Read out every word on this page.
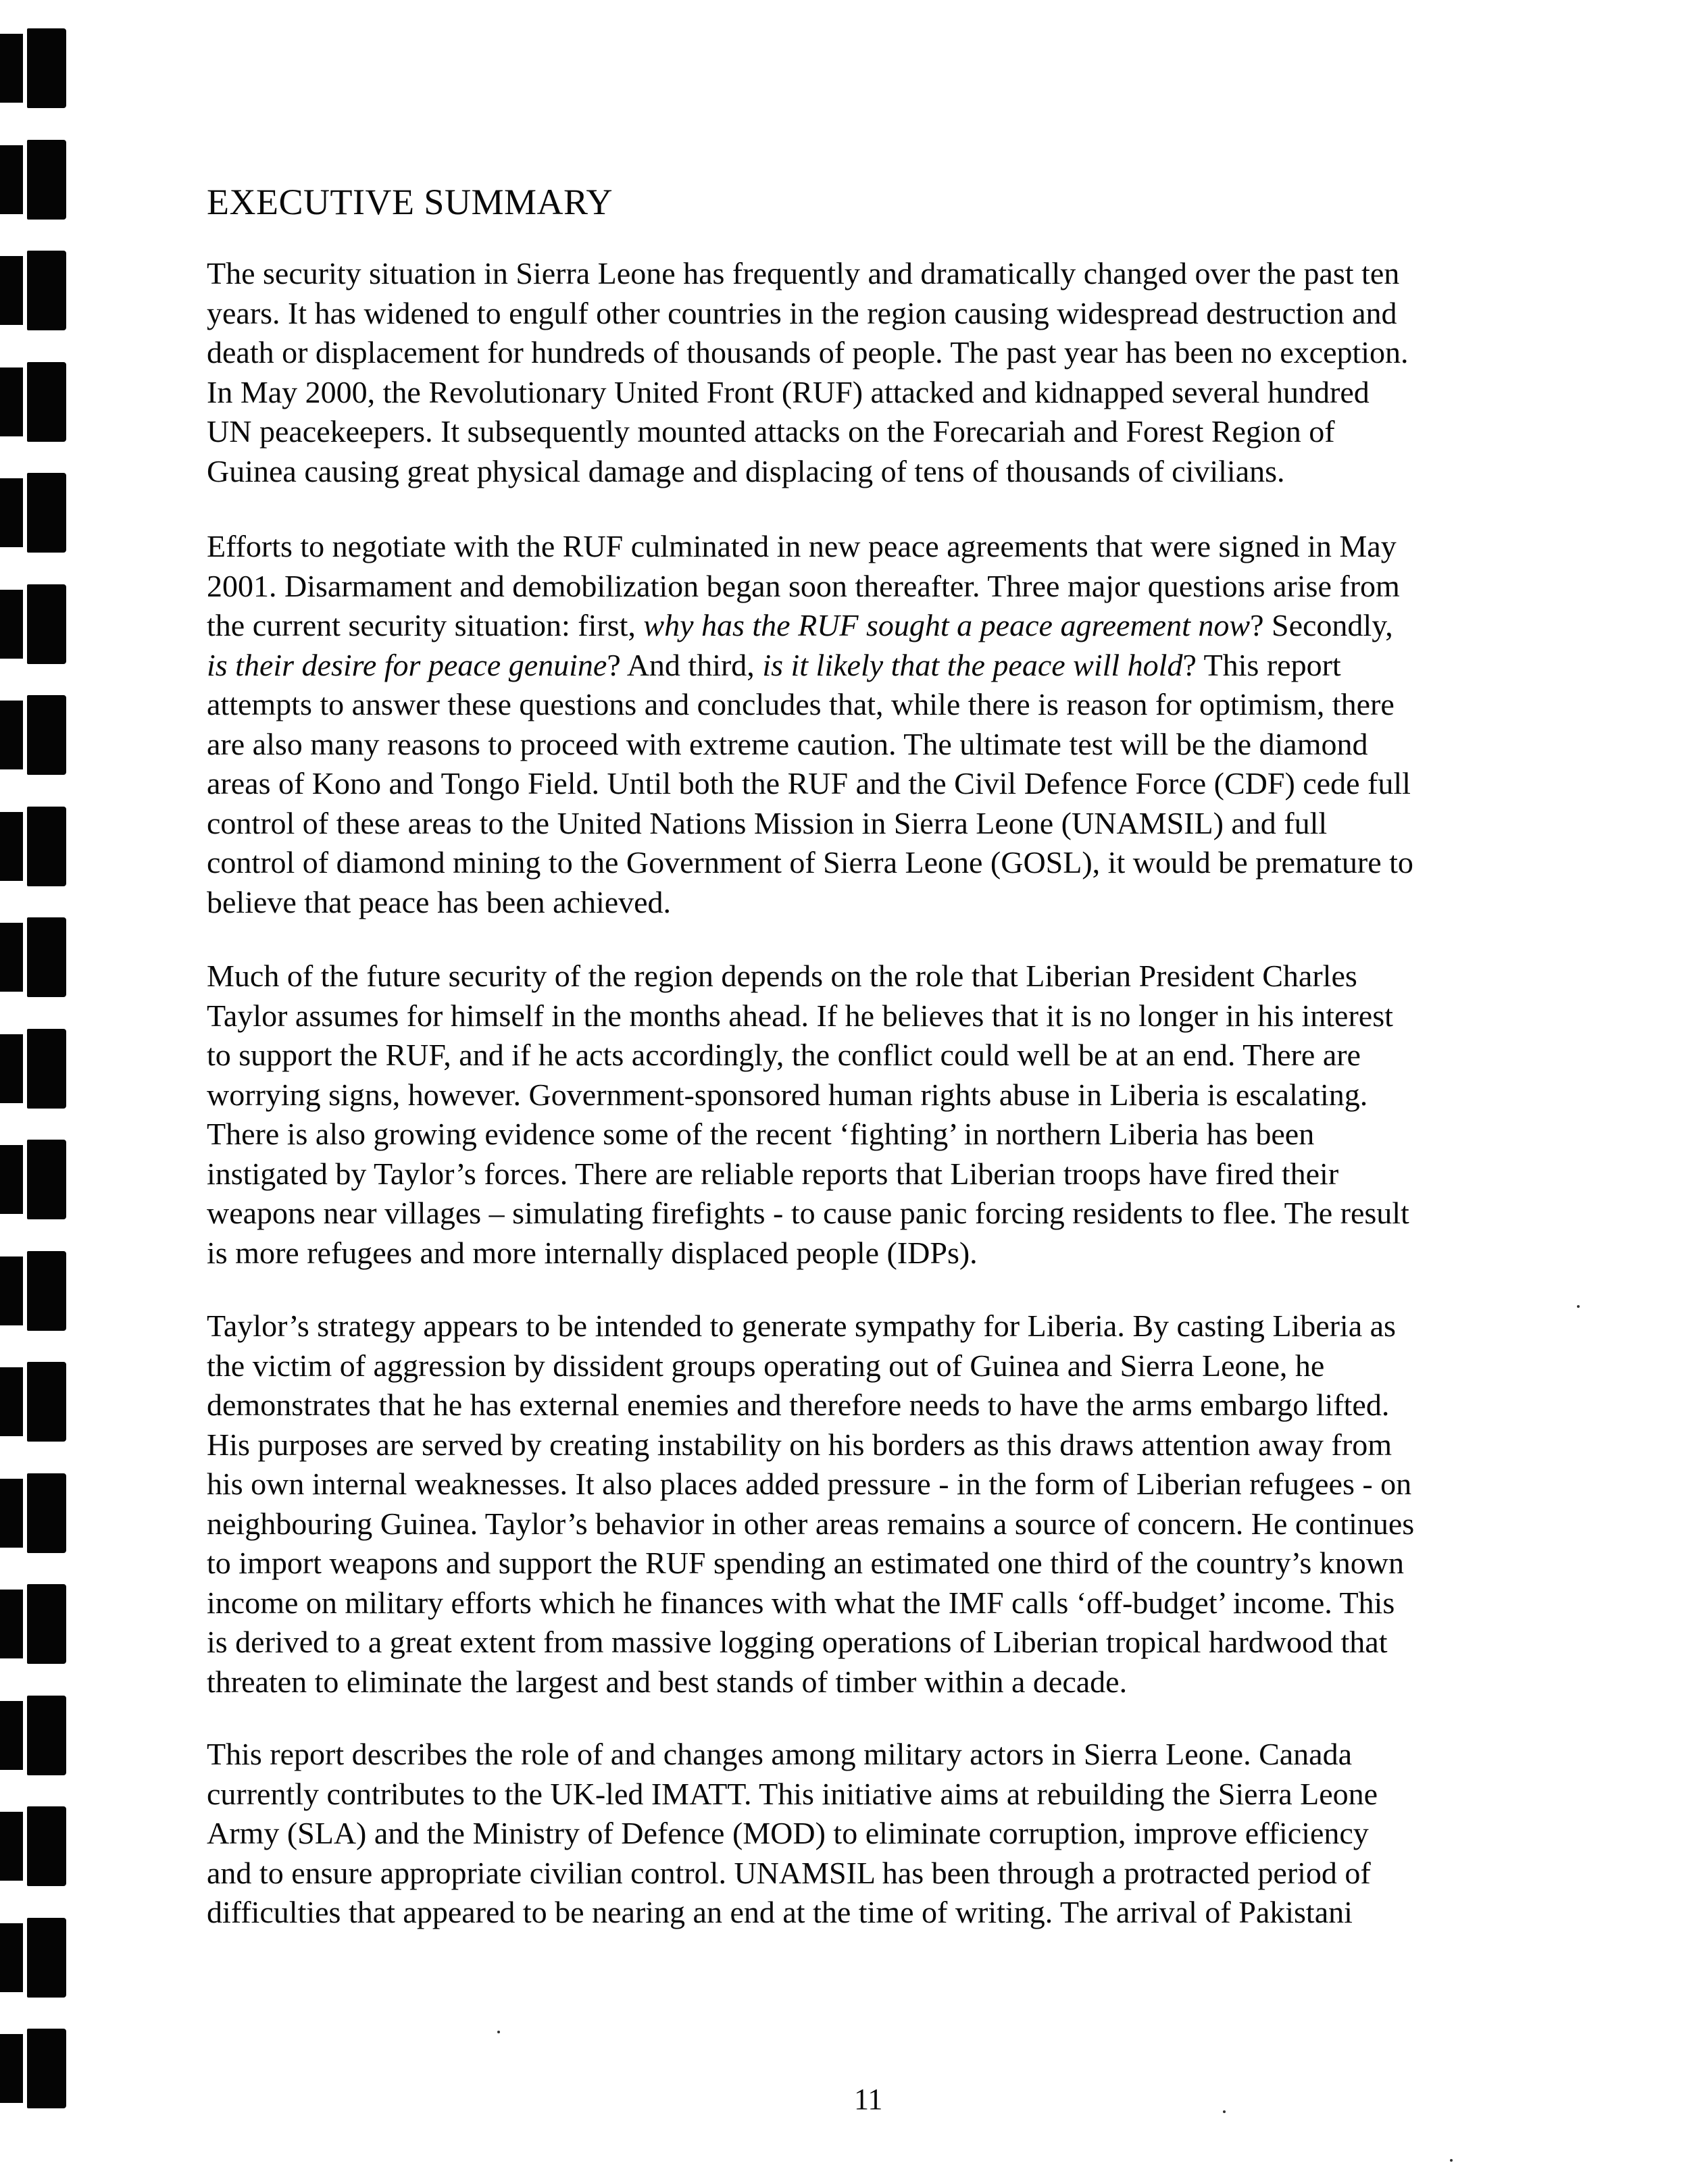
EXECUTIVE SUMMARY
The security situation in Sierra Leone has frequently and dramatically changed over the past ten
years. It has widened to engulf other countries in the region causing widespread destruction and
death or displacement for hundreds of thousands of people. The past year has been no exception.
In May 2000, the Revolutionary United Front (RUF) attacked and kidnapped several hundred
UN peacekeepers. It subsequently mounted attacks on the Forecariah and Forest Region of
Guinea causing great physical damage and displacing of tens of thousands of civilians.
Efforts to negotiate with the RUF culminated in new peace agreements that were signed in May
2001. Disarmament and demobilization began soon thereafter. Three major questions arise from
the current security situation: first, why has the RUF sought a peace agreement now? Secondly,
is their desire for peace genuine? And third, is it likely that the peace will hold? This report
attempts to answer these questions and concludes that, while there is reason for optimism, there
are also many reasons to proceed with extreme caution. The ultimate test will be the diamond
areas of Kono and Tongo Field. Until both the RUF and the Civil Defence Force (CDF) cede full
control of these areas to the United Nations Mission in Sierra Leone (UNAMSIL) and full
control of diamond mining to the Government of Sierra Leone (GOSL), it would be premature to
believe that peace has been achieved.
Much of the future security of the region depends on the role that Liberian President Charles
Taylor assumes for himself in the months ahead. If he believes that it is no longer in his interest
to support the RUF, and if he acts accordingly, the conflict could well be at an end. There are
worrying signs, however. Government-sponsored human rights abuse in Liberia is escalating.
There is also growing evidence some of the recent ‘fighting’ in northern Liberia has been
instigated by Taylor’s forces. There are reliable reports that Liberian troops have fired their
weapons near villages – simulating firefights - to cause panic forcing residents to flee. The result
is more refugees and more internally displaced people (IDPs).
Taylor’s strategy appears to be intended to generate sympathy for Liberia. By casting Liberia as
the victim of aggression by dissident groups operating out of Guinea and Sierra Leone, he
demonstrates that he has external enemies and therefore needs to have the arms embargo lifted.
His purposes are served by creating instability on his borders as this draws attention away from
his own internal weaknesses. It also places added pressure - in the form of Liberian refugees - on
neighbouring Guinea. Taylor’s behavior in other areas remains a source of concern. He continues
to import weapons and support the RUF spending an estimated one third of the country’s known
income on military efforts which he finances with what the IMF calls ‘off-budget’ income. This
is derived to a great extent from massive logging operations of Liberian tropical hardwood that
threaten to eliminate the largest and best stands of timber within a decade.
This report describes the role of and changes among military actors in Sierra Leone. Canada
currently contributes to the UK-led IMATT. This initiative aims at rebuilding the Sierra Leone
Army (SLA) and the Ministry of Defence (MOD) to eliminate corruption, improve efficiency
and to ensure appropriate civilian control. UNAMSIL has been through a protracted period of
difficulties that appeared to be nearing an end at the time of writing. The arrival of Pakistani
11
